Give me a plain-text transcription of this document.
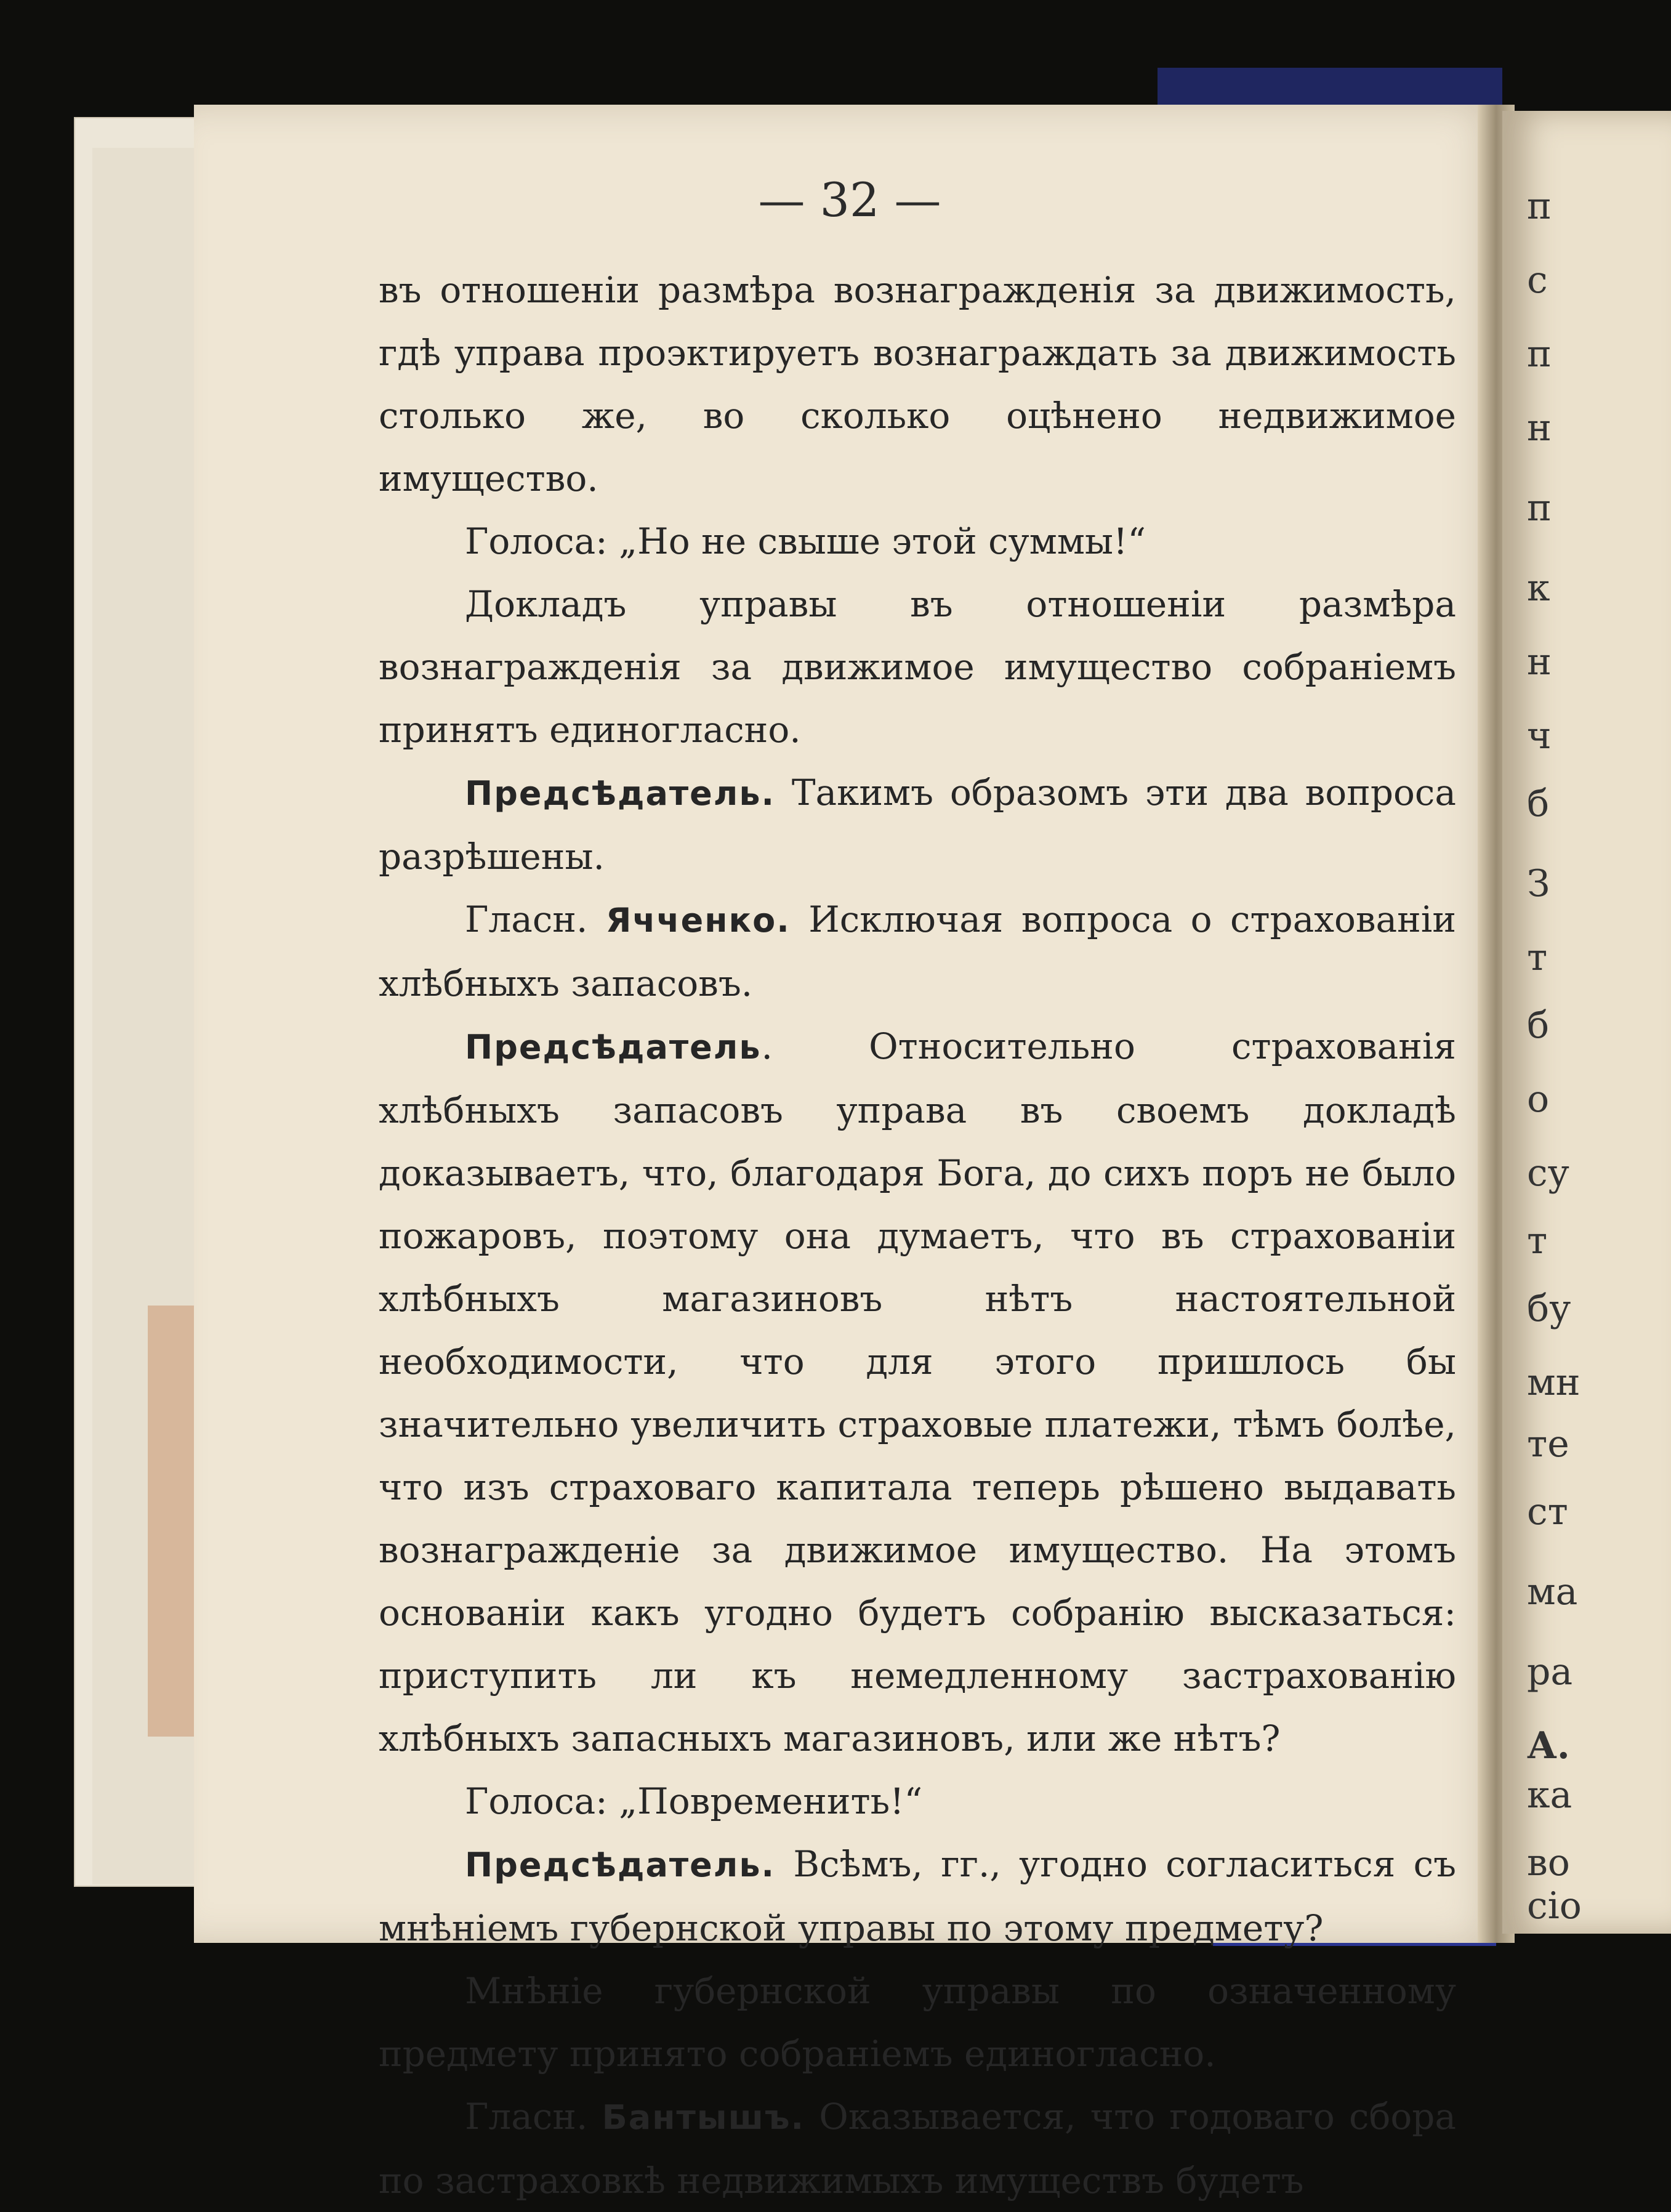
— 32 —

въ отношеніи размѣра вознагражденія за движимость, гдѣ управа проэктируетъ вознаграждать за движимость столько же, во сколько оцѣнено недвижимое имущество.

Голоса: „Но не свыше этой суммы!“

Докладъ управы въ отношеніи размѣра вознагражденія за движимое имущество собраніемъ принятъ единогласно.

Предсѣдатель. Такимъ образомъ эти два вопроса разрѣшены.

Гласн. Ячченко. Исключая вопроса о страхованіи хлѣбныхъ запасовъ.

Предсѣдатель. Относительно страхованія хлѣбныхъ запасовъ управа въ своемъ докладѣ доказываетъ, что, благодаря Бога, до сихъ поръ не было пожаровъ, поэтому она думаетъ, что въ страхованіи хлѣбныхъ магазиновъ нѣтъ настоятельной необходимости, что для этого пришлось бы значительно увеличить страховые платежи, тѣмъ болѣе, что изъ страховаго капитала теперь рѣшено выдавать вознагражденіе за движимое имущество. На этомъ основаніи какъ угодно будетъ собранію высказаться: приступить ли къ немедленному застрахованію хлѣбныхъ запасныхъ магазиновъ, или же нѣтъ?

Голоса: „Повременить!“

Предсѣдатель. Всѣмъ, гг., угодно согласиться съ мнѣніемъ губернской управы по этому предмету?

Мнѣніе губернской управы по означенному предмету принято собраніемъ единогласно.

Гласн. Бантышъ. Оказывается, что годоваго сбора по застраховкѣ недвижимыхъ имуществъ будетъ

п
с
п
н
п
к
н
ч
б
З
т
б
о
су
т
бу
мн
те
ст
ма
ра
А.
ка
во
сіо
